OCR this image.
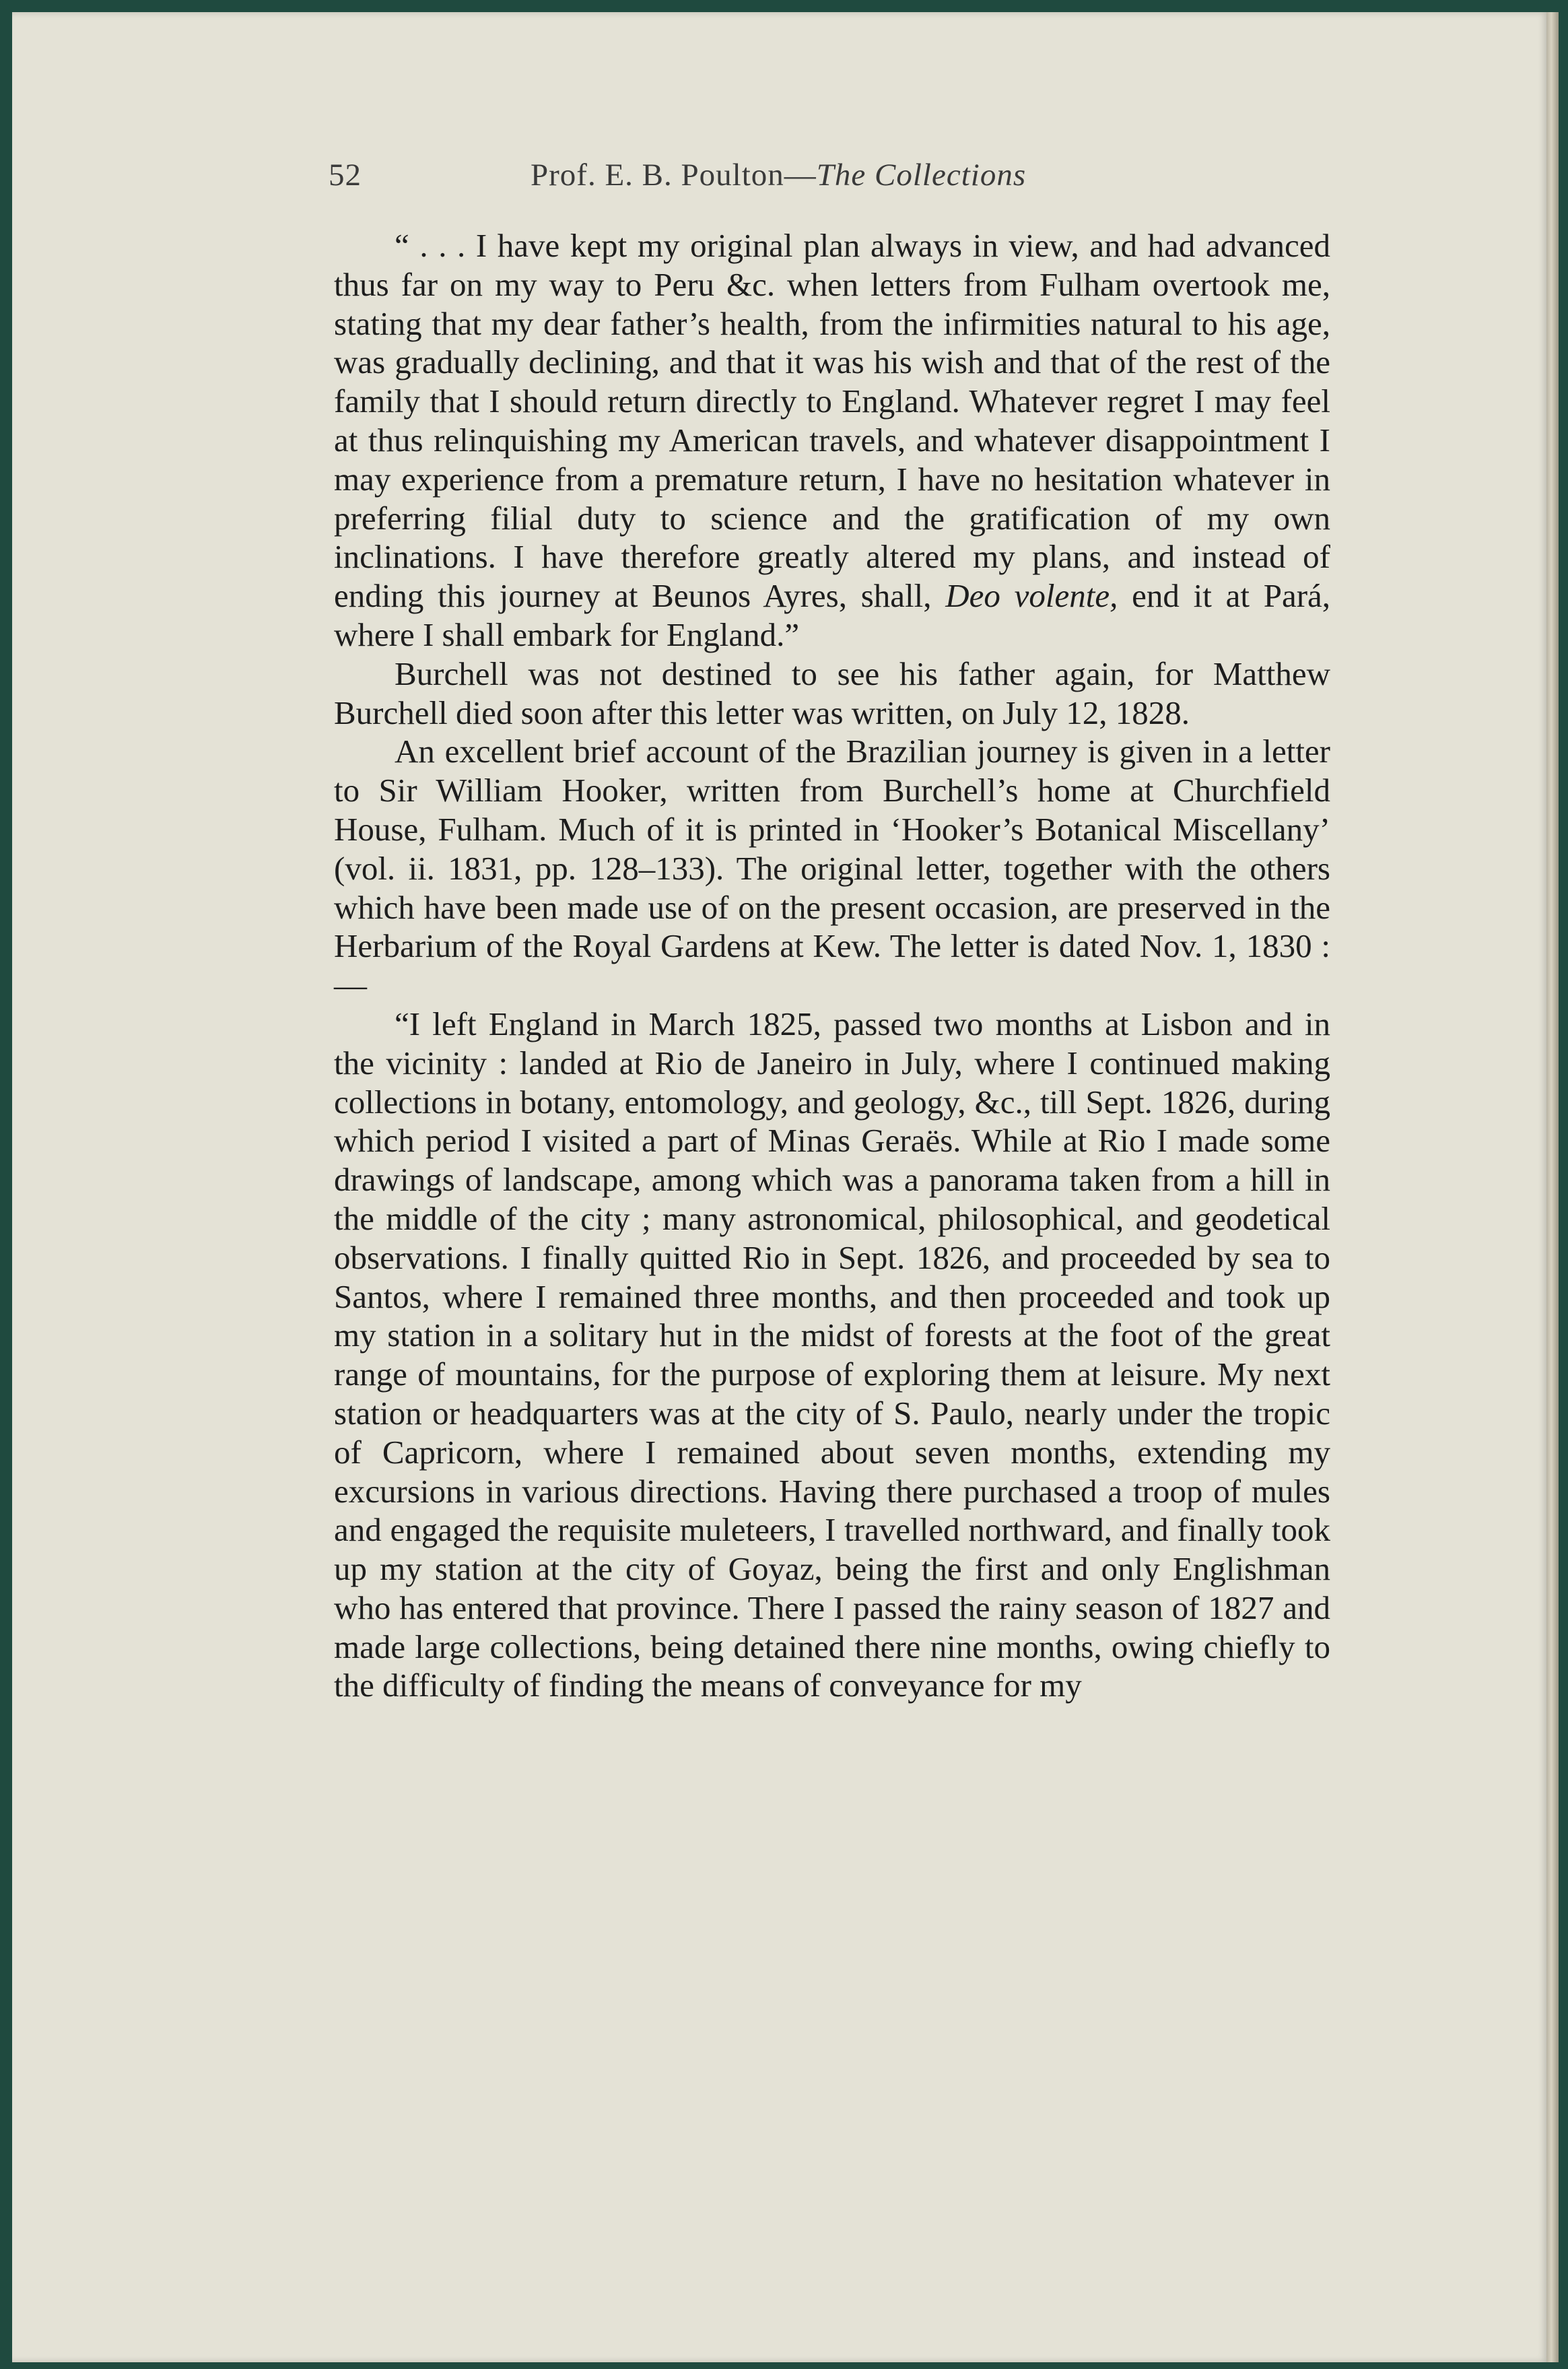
52	Prof. E. B. Poulton—The Collections

“ . . . I have kept my original plan always in view, and had advanced thus far on my way to Peru &c. when letters from Fulham overtook me, stating that my dear father’s health, from the infirmities natural to his age, was gradually declining, and that it was his wish and that of the rest of the family that I should return directly to England. Whatever regret I may feel at thus relinquishing my American travels, and whatever disappointment I may experience from a premature return, I have no hesitation whatever in preferring filial duty to science and the gratification of my own inclinations. I have therefore greatly altered my plans, and instead of ending this journey at Beunos Ayres, shall, Deo volente, end it at Pará, where I shall embark for England.”

Burchell was not destined to see his father again, for Matthew Burchell died soon after this letter was written, on July 12, 1828.

An excellent brief account of the Brazilian journey is given in a letter to Sir William Hooker, written from Burchell’s home at Churchfield House, Fulham. Much of it is printed in ‘Hooker’s Botanical Miscellany’ (vol. ii. 1831, pp. 128–133). The original letter, together with the others which have been made use of on the present occasion, are preserved in the Herbarium of the Royal Gardens at Kew. The letter is dated Nov. 1, 1830 :—

“I left England in March 1825, passed two months at Lisbon and in the vicinity : landed at Rio de Janeiro in July, where I continued making collections in botany, entomology, and geology, &c., till Sept. 1826, during which period I visited a part of Minas Geraës. While at Rio I made some drawings of landscape, among which was a panorama taken from a hill in the middle of the city ; many astronomical, philosophical, and geodetical observations. I finally quitted Rio in Sept. 1826, and proceeded by sea to Santos, where I remained three months, and then proceeded and took up my station in a solitary hut in the midst of forests at the foot of the great range of mountains, for the purpose of exploring them at leisure. My next station or headquarters was at the city of S. Paulo, nearly under the tropic of Capricorn, where I remained about seven months, extending my excursions in various directions. Having there purchased a troop of mules and engaged the requisite muleteers, I travelled northward, and finally took up my station at the city of Goyaz, being the first and only Englishman who has entered that province. There I passed the rainy season of 1827 and made large collections, being detained there nine months, owing chiefly to the difficulty of finding the means of conveyance for my
